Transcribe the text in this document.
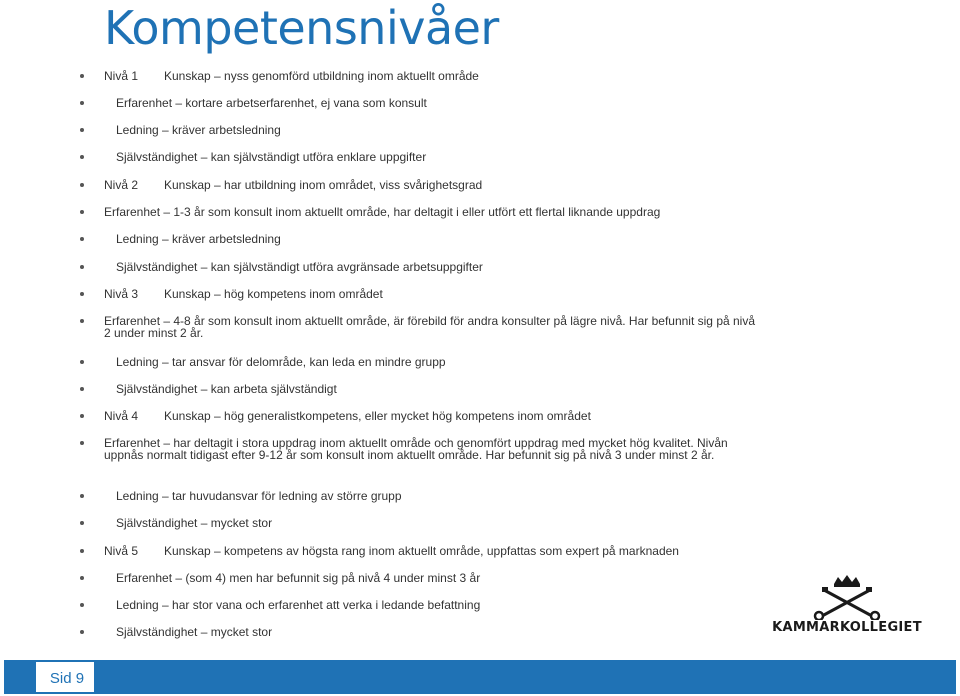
Kompetensnivåer
Nivå 1 Kunskap – nyss genomförd utbildning inom aktuellt område
Erfarenhet – kortare arbetserfarenhet, ej vana som konsult
Ledning – kräver arbetsledning
Självständighet – kan självständigt utföra enklare uppgifter
Nivå 2 Kunskap – har utbildning inom området, viss svårighetsgrad
Erfarenhet – 1-3 år som konsult inom aktuellt område, har deltagit i eller utfört ett flertal liknande uppdrag
Ledning – kräver arbetsledning
Självständighet – kan självständigt utföra avgränsade arbetsuppgifter
Nivå 3 Kunskap – hög kompetens inom området
Erfarenhet – 4-8 år som konsult inom aktuellt område, är förebild för andra konsulter på lägre nivå. Har befunnit sig på nivå 2 under minst 2 år.
Ledning – tar ansvar för delområde, kan leda en mindre grupp
Självständighet – kan arbeta självständigt
Nivå 4 Kunskap – hög generalistkompetens, eller mycket hög kompetens inom området
Erfarenhet – har deltagit i stora uppdrag inom aktuellt område och genomfört uppdrag med mycket hög kvalitet. Nivån uppnås normalt tidigast efter 9-12 år som konsult inom aktuellt område. Har befunnit sig på nivå 3 under minst 2 år.
Ledning – tar huvudansvar för ledning av större grupp
Självständighet – mycket stor
Nivå 5 Kunskap – kompetens av högsta rang inom aktuellt område, uppfattas som expert på marknaden
Erfarenhet – (som 4) men har befunnit sig på nivå 4 under minst 3 år
Ledning – har stor vana och erfarenhet att verka i ledande befattning
Självständighet – mycket stor	KAMMARKOLLEGIET
Sid 9
